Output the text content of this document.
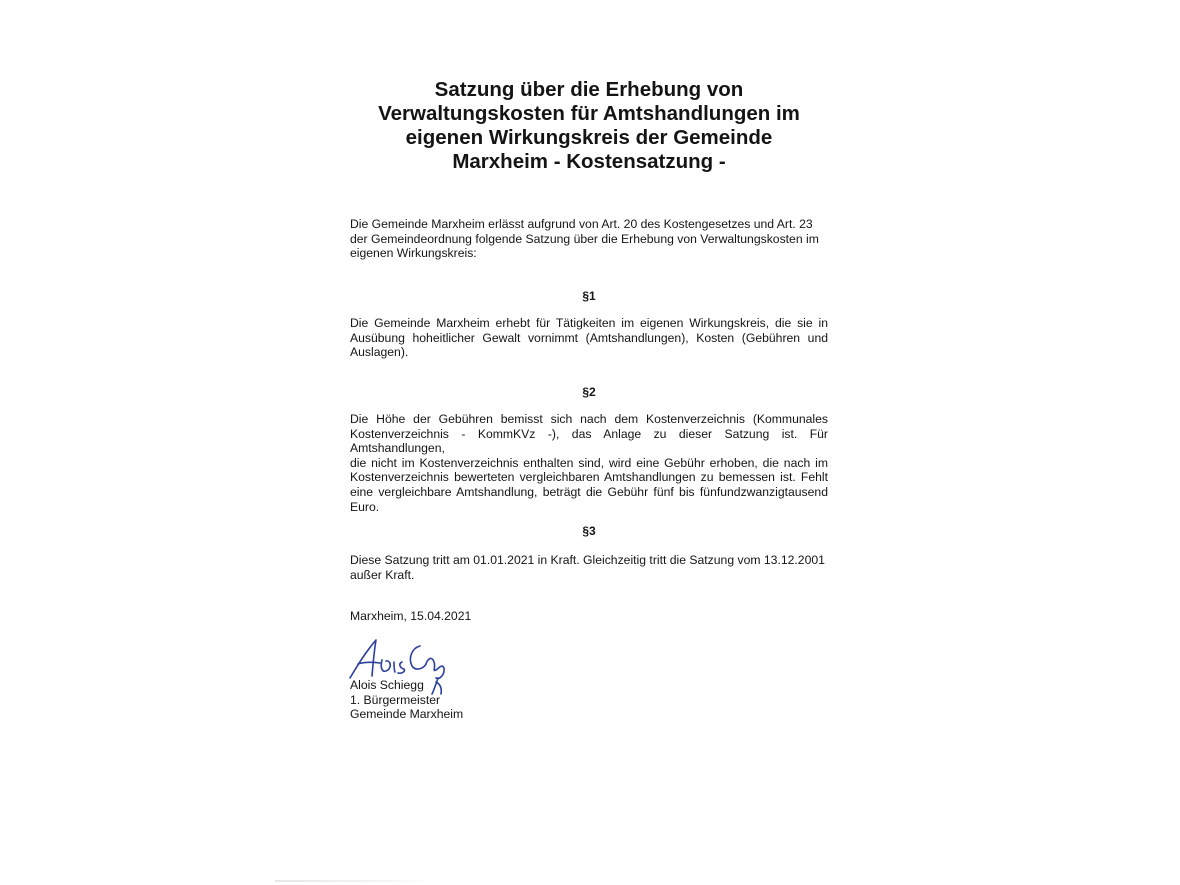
Satzung über die Erhebung von
Verwaltungskosten für Amtshandlungen im
eigenen Wirkungskreis der Gemeinde
Marxheim - Kostensatzung -
Die Gemeinde Marxheim erlässt aufgrund von Art. 20 des Kostengesetzes und Art. 23
der Gemeindeordnung folgende Satzung über die Erhebung von Verwaltungskosten im
eigenen Wirkungskreis:
§1
Die Gemeinde Marxheim erhebt für Tätigkeiten im eigenen Wirkungskreis, die sie in
Ausübung hoheitlicher Gewalt vornimmt (Amtshandlungen), Kosten (Gebühren und
Auslagen).
§2
Die Höhe der Gebühren bemisst sich nach dem Kostenverzeichnis (Kommunales
Kostenverzeichnis - KommKVz -), das Anlage zu dieser Satzung ist. Für Amtshandlungen,
die nicht im Kostenverzeichnis enthalten sind, wird eine Gebühr erhoben, die nach im
Kostenverzeichnis bewerteten vergleichbaren Amtshandlungen zu bemessen ist. Fehlt
eine vergleichbare Amtshandlung, beträgt die Gebühr fünf bis fünfundzwanzigtausend
Euro.
§3
Diese Satzung tritt am 01.01.2021 in Kraft. Gleichzeitig tritt die Satzung vom 13.12.2001
außer Kraft.
Marxheim, 15.04.2021
Alois Schiegg
1. Bürgermeister
Gemeinde Marxheim
